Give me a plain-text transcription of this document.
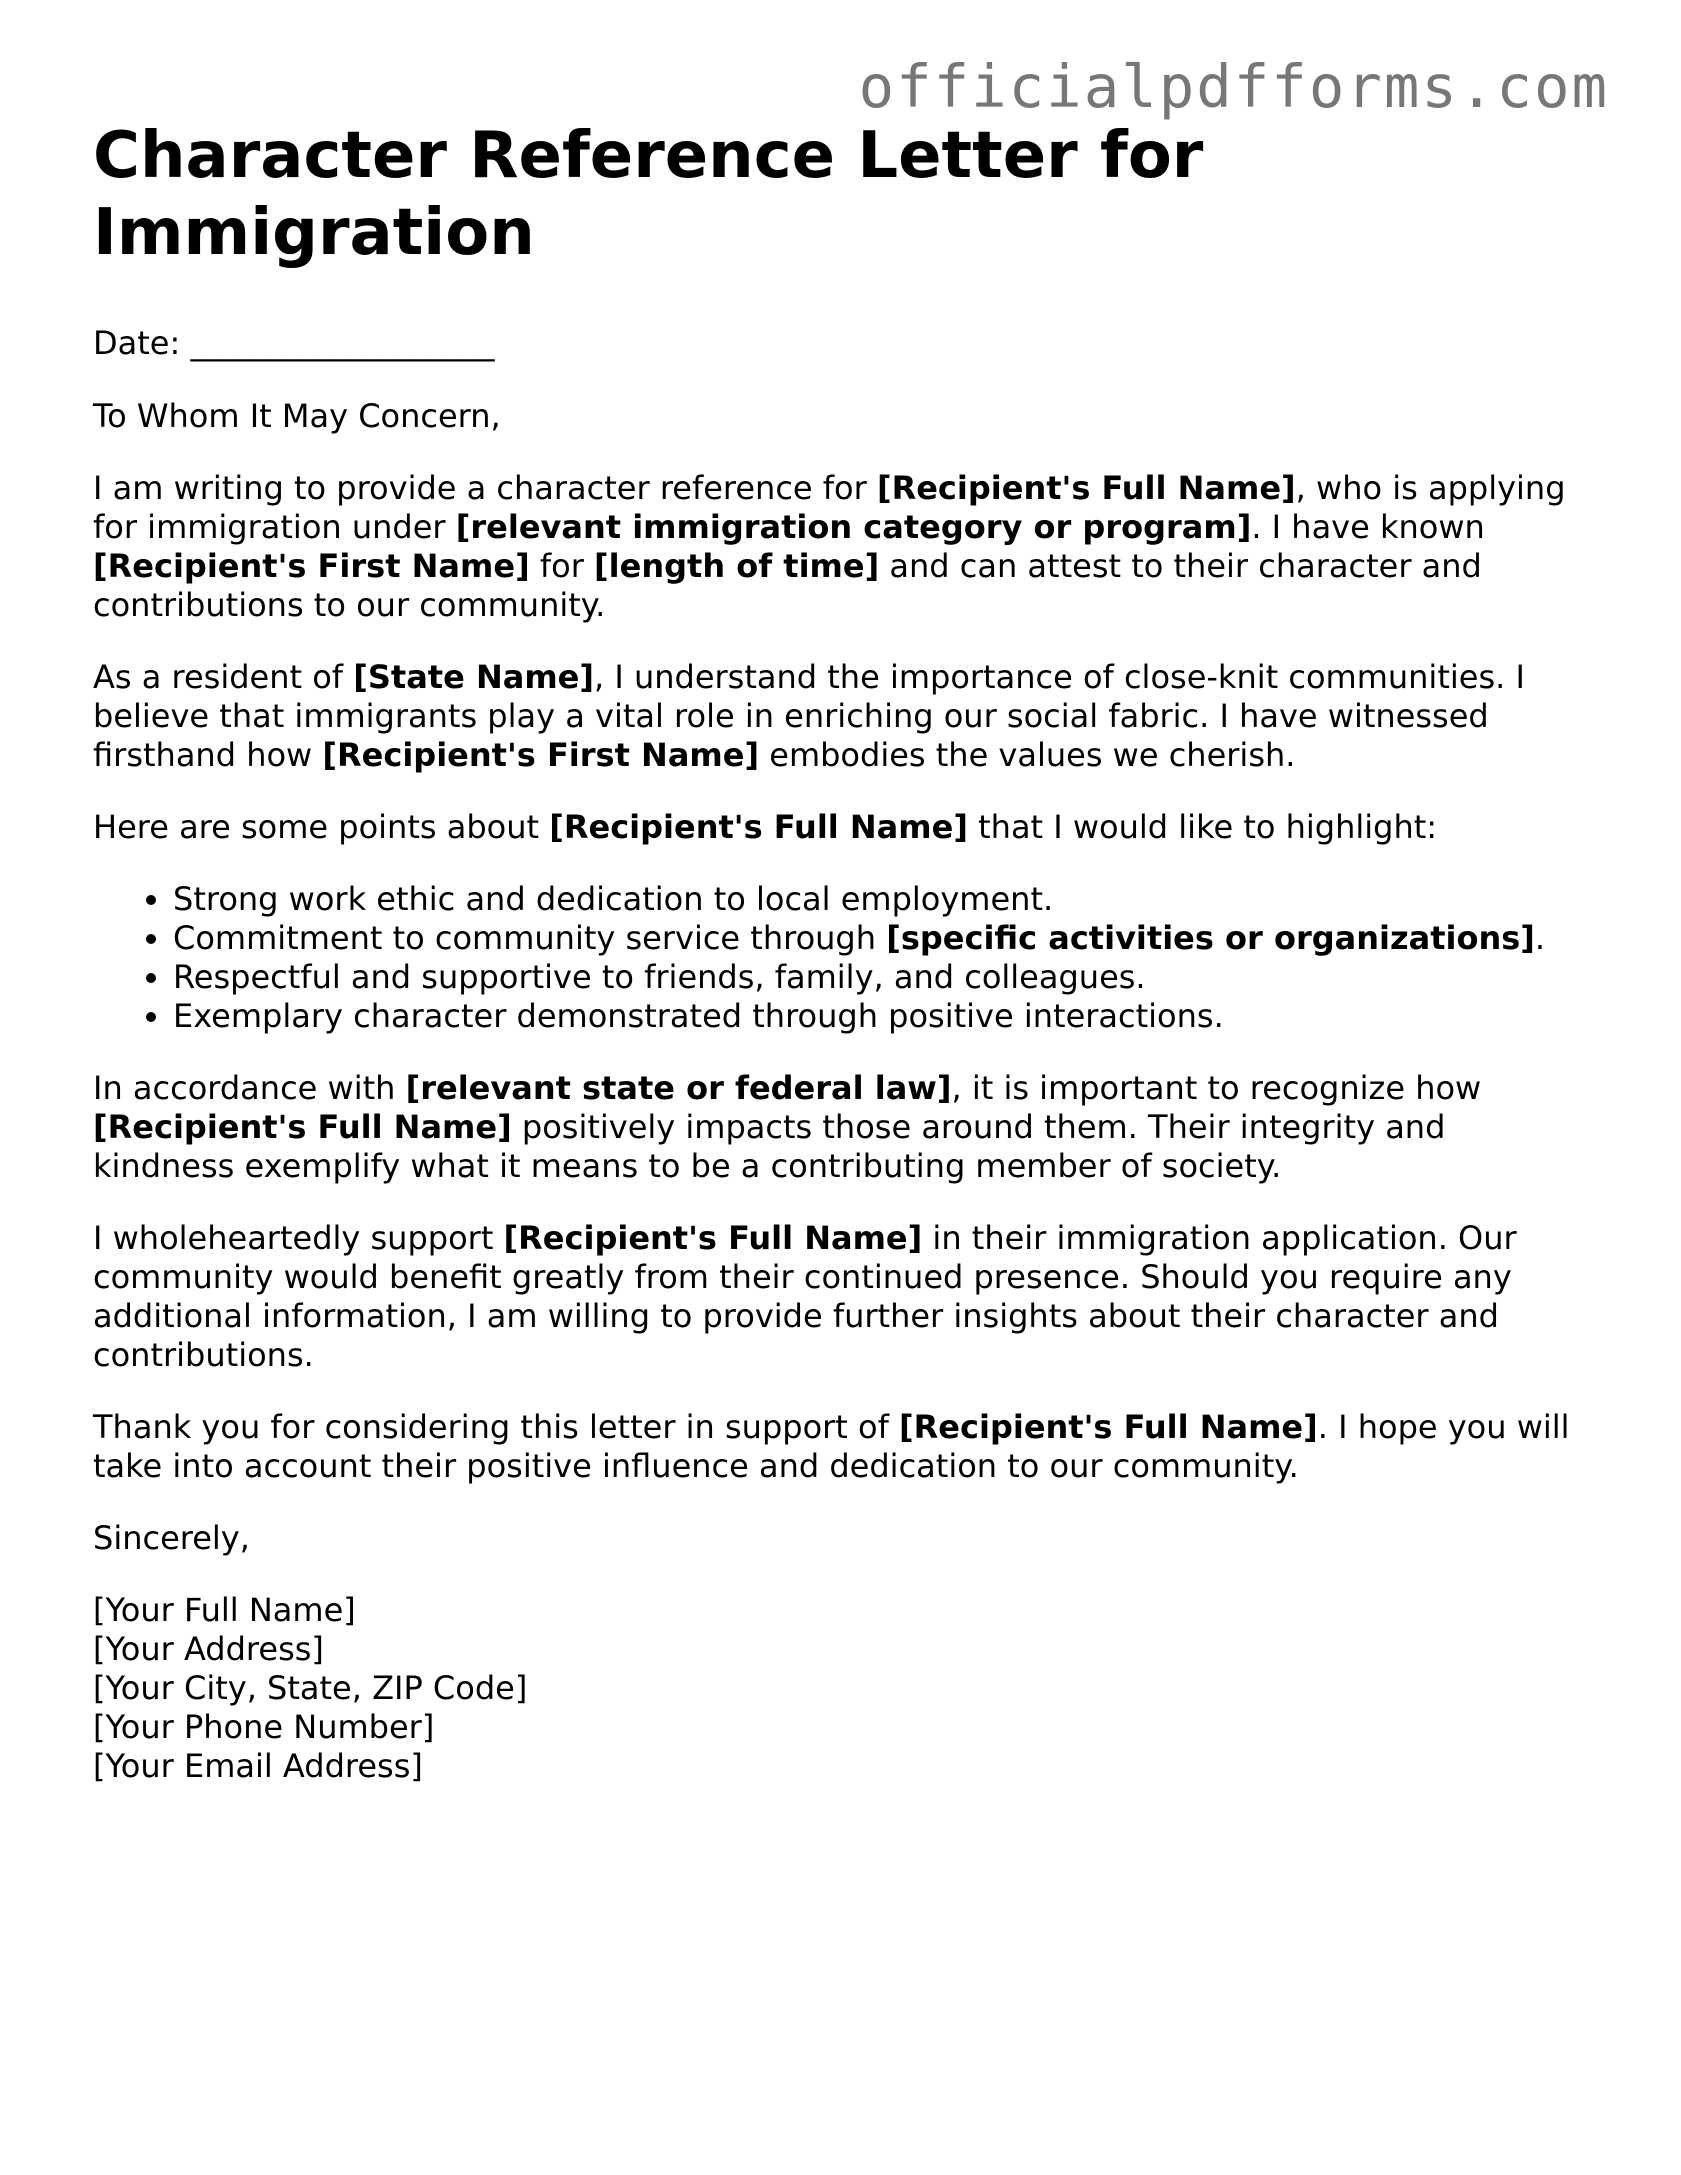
officialpdfforms.com
Character Reference Letter for Immigration

Date: ___________________

To Whom It May Concern,

I am writing to provide a character reference for [Recipient's Full Name], who is applying for immigration under [relevant immigration category or program]. I have known [Recipient's First Name] for [length of time] and can attest to their character and contributions to our community.

As a resident of [State Name], I understand the importance of close-knit communities. I believe that immigrants play a vital role in enriching our social fabric. I have witnessed firsthand how [Recipient's First Name] embodies the values we cherish.

Here are some points about [Recipient's Full Name] that I would like to highlight:

• Strong work ethic and dedication to local employment.
• Commitment to community service through [specific activities or organizations].
• Respectful and supportive to friends, family, and colleagues.
• Exemplary character demonstrated through positive interactions.

In accordance with [relevant state or federal law], it is important to recognize how [Recipient's Full Name] positively impacts those around them. Their integrity and kindness exemplify what it means to be a contributing member of society.

I wholeheartedly support [Recipient's Full Name] in their immigration application. Our community would benefit greatly from their continued presence. Should you require any additional information, I am willing to provide further insights about their character and contributions.

Thank you for considering this letter in support of [Recipient's Full Name]. I hope you will take into account their positive influence and dedication to our community.

Sincerely,

[Your Full Name]
[Your Address]
[Your City, State, ZIP Code]
[Your Phone Number]
[Your Email Address]
